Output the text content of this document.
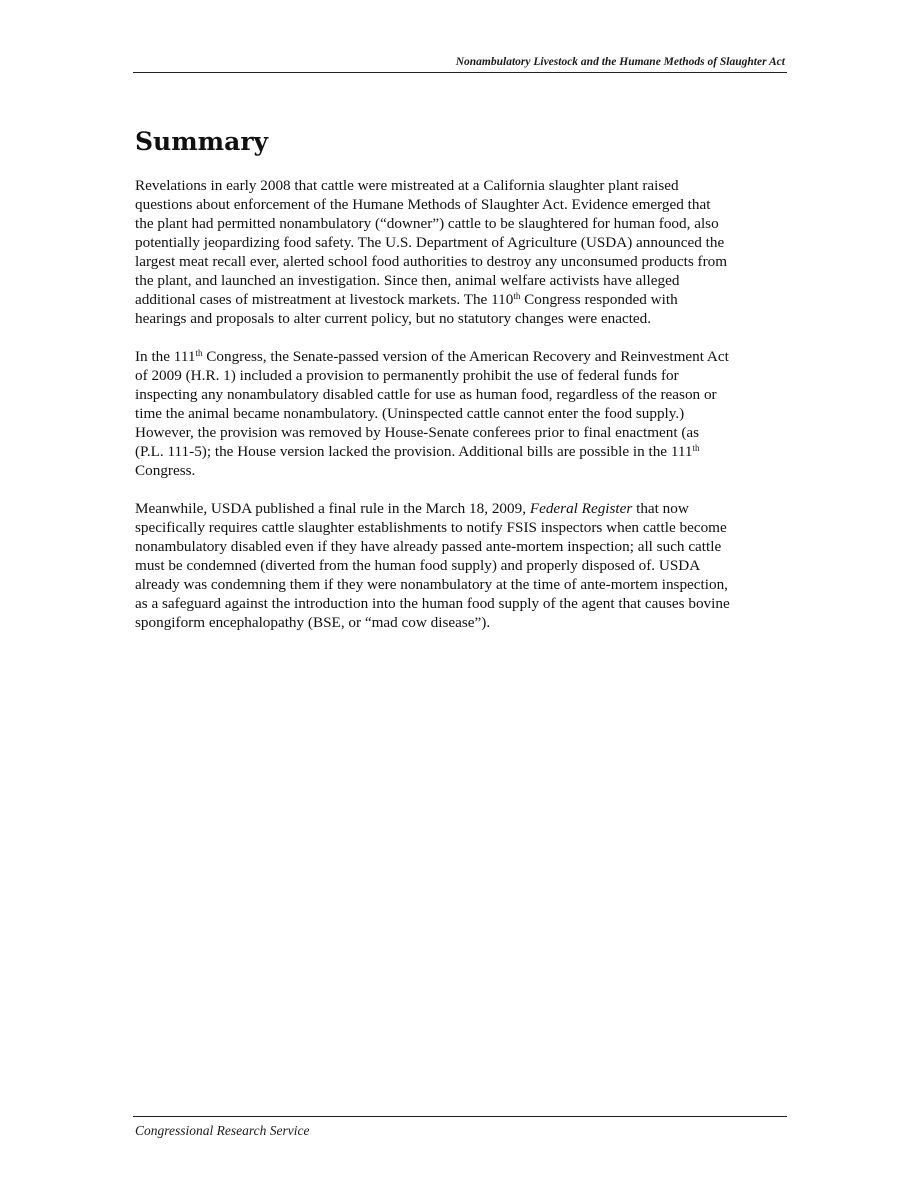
Nonambulatory Livestock and the Humane Methods of Slaughter Act
Summary
Revelations in early 2008 that cattle were mistreated at a California slaughter plant raised
questions about enforcement of the Humane Methods of Slaughter Act. Evidence emerged that
the plant had permitted nonambulatory (“downer”) cattle to be slaughtered for human food, also
potentially jeopardizing food safety. The U.S. Department of Agriculture (USDA) announced the
largest meat recall ever, alerted school food authorities to destroy any unconsumed products from
the plant, and launched an investigation. Since then, animal welfare activists have alleged
additional cases of mistreatment at livestock markets. The 110th Congress responded with
hearings and proposals to alter current policy, but no statutory changes were enacted.
In the 111th Congress, the Senate-passed version of the American Recovery and Reinvestment Act
of 2009 (H.R. 1) included a provision to permanently prohibit the use of federal funds for
inspecting any nonambulatory disabled cattle for use as human food, regardless of the reason or
time the animal became nonambulatory. (Uninspected cattle cannot enter the food supply.)
However, the provision was removed by House-Senate conferees prior to final enactment (as
(P.L. 111-5); the House version lacked the provision. Additional bills are possible in the 111th
Congress.
Meanwhile, USDA published a final rule in the March 18, 2009, Federal Register that now
specifically requires cattle slaughter establishments to notify FSIS inspectors when cattle become
nonambulatory disabled even if they have already passed ante-mortem inspection; all such cattle
must be condemned (diverted from the human food supply) and properly disposed of. USDA
already was condemning them if they were nonambulatory at the time of ante-mortem inspection,
as a safeguard against the introduction into the human food supply of the agent that causes bovine
spongiform encephalopathy (BSE, or “mad cow disease”).
Congressional Research Service
